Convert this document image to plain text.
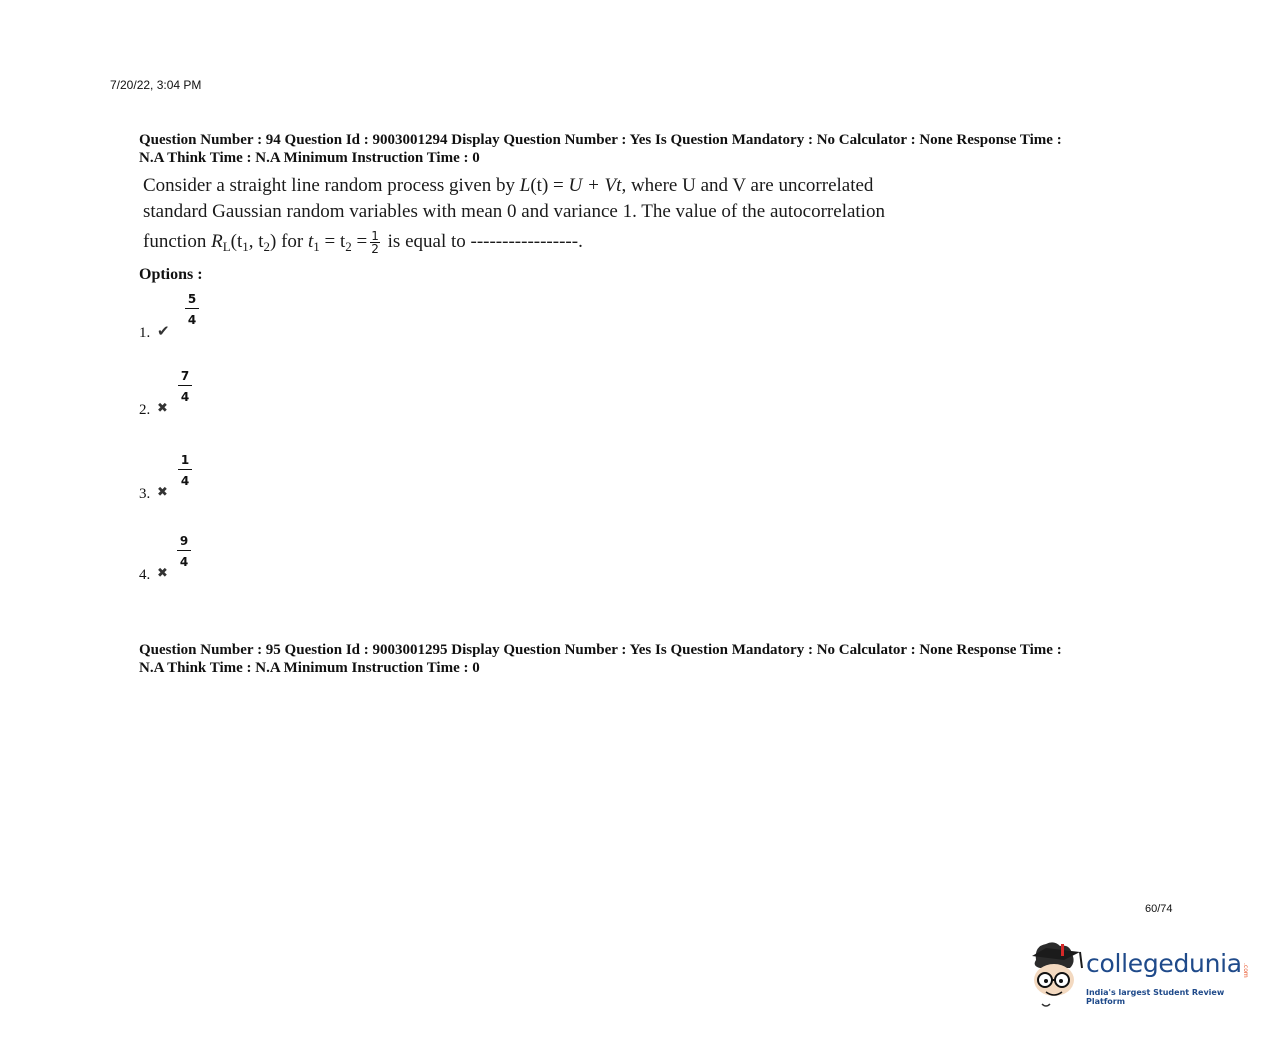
7/20/22, 3:04 PM
Question Number : 94 Question Id : 9003001294 Display Question Number : Yes Is Question Mandatory : No Calculator : None Response Time :
N.A Think Time : N.A Minimum Instruction Time : 0
Consider a straight line random process given by L(t) = U + Vt, where U and V are uncorrelated
standard Gaussian random variables with mean 0 and variance 1. The value of the autocorrelation
function $R_L(t_1$, $t_2$) for $t_1 = t_2 = \frac{1}{2}$ is equal to -----------------.
Options :
$\frac{5}{4}$
1. ✔
$\frac{7}{4}$
2. ✖
$\frac{1}{4}$
3. ✖
$\frac{9}{4}$
4. ✖
Question Number : 95 Question Id : 9003001295 Display Question Number : Yes Is Question Mandatory : No Calculator : None Response Time :
N.A Think Time : N.A Minimum Instruction Time : 0
60/74
collegedunia .com
India's largest Student Review Platform
